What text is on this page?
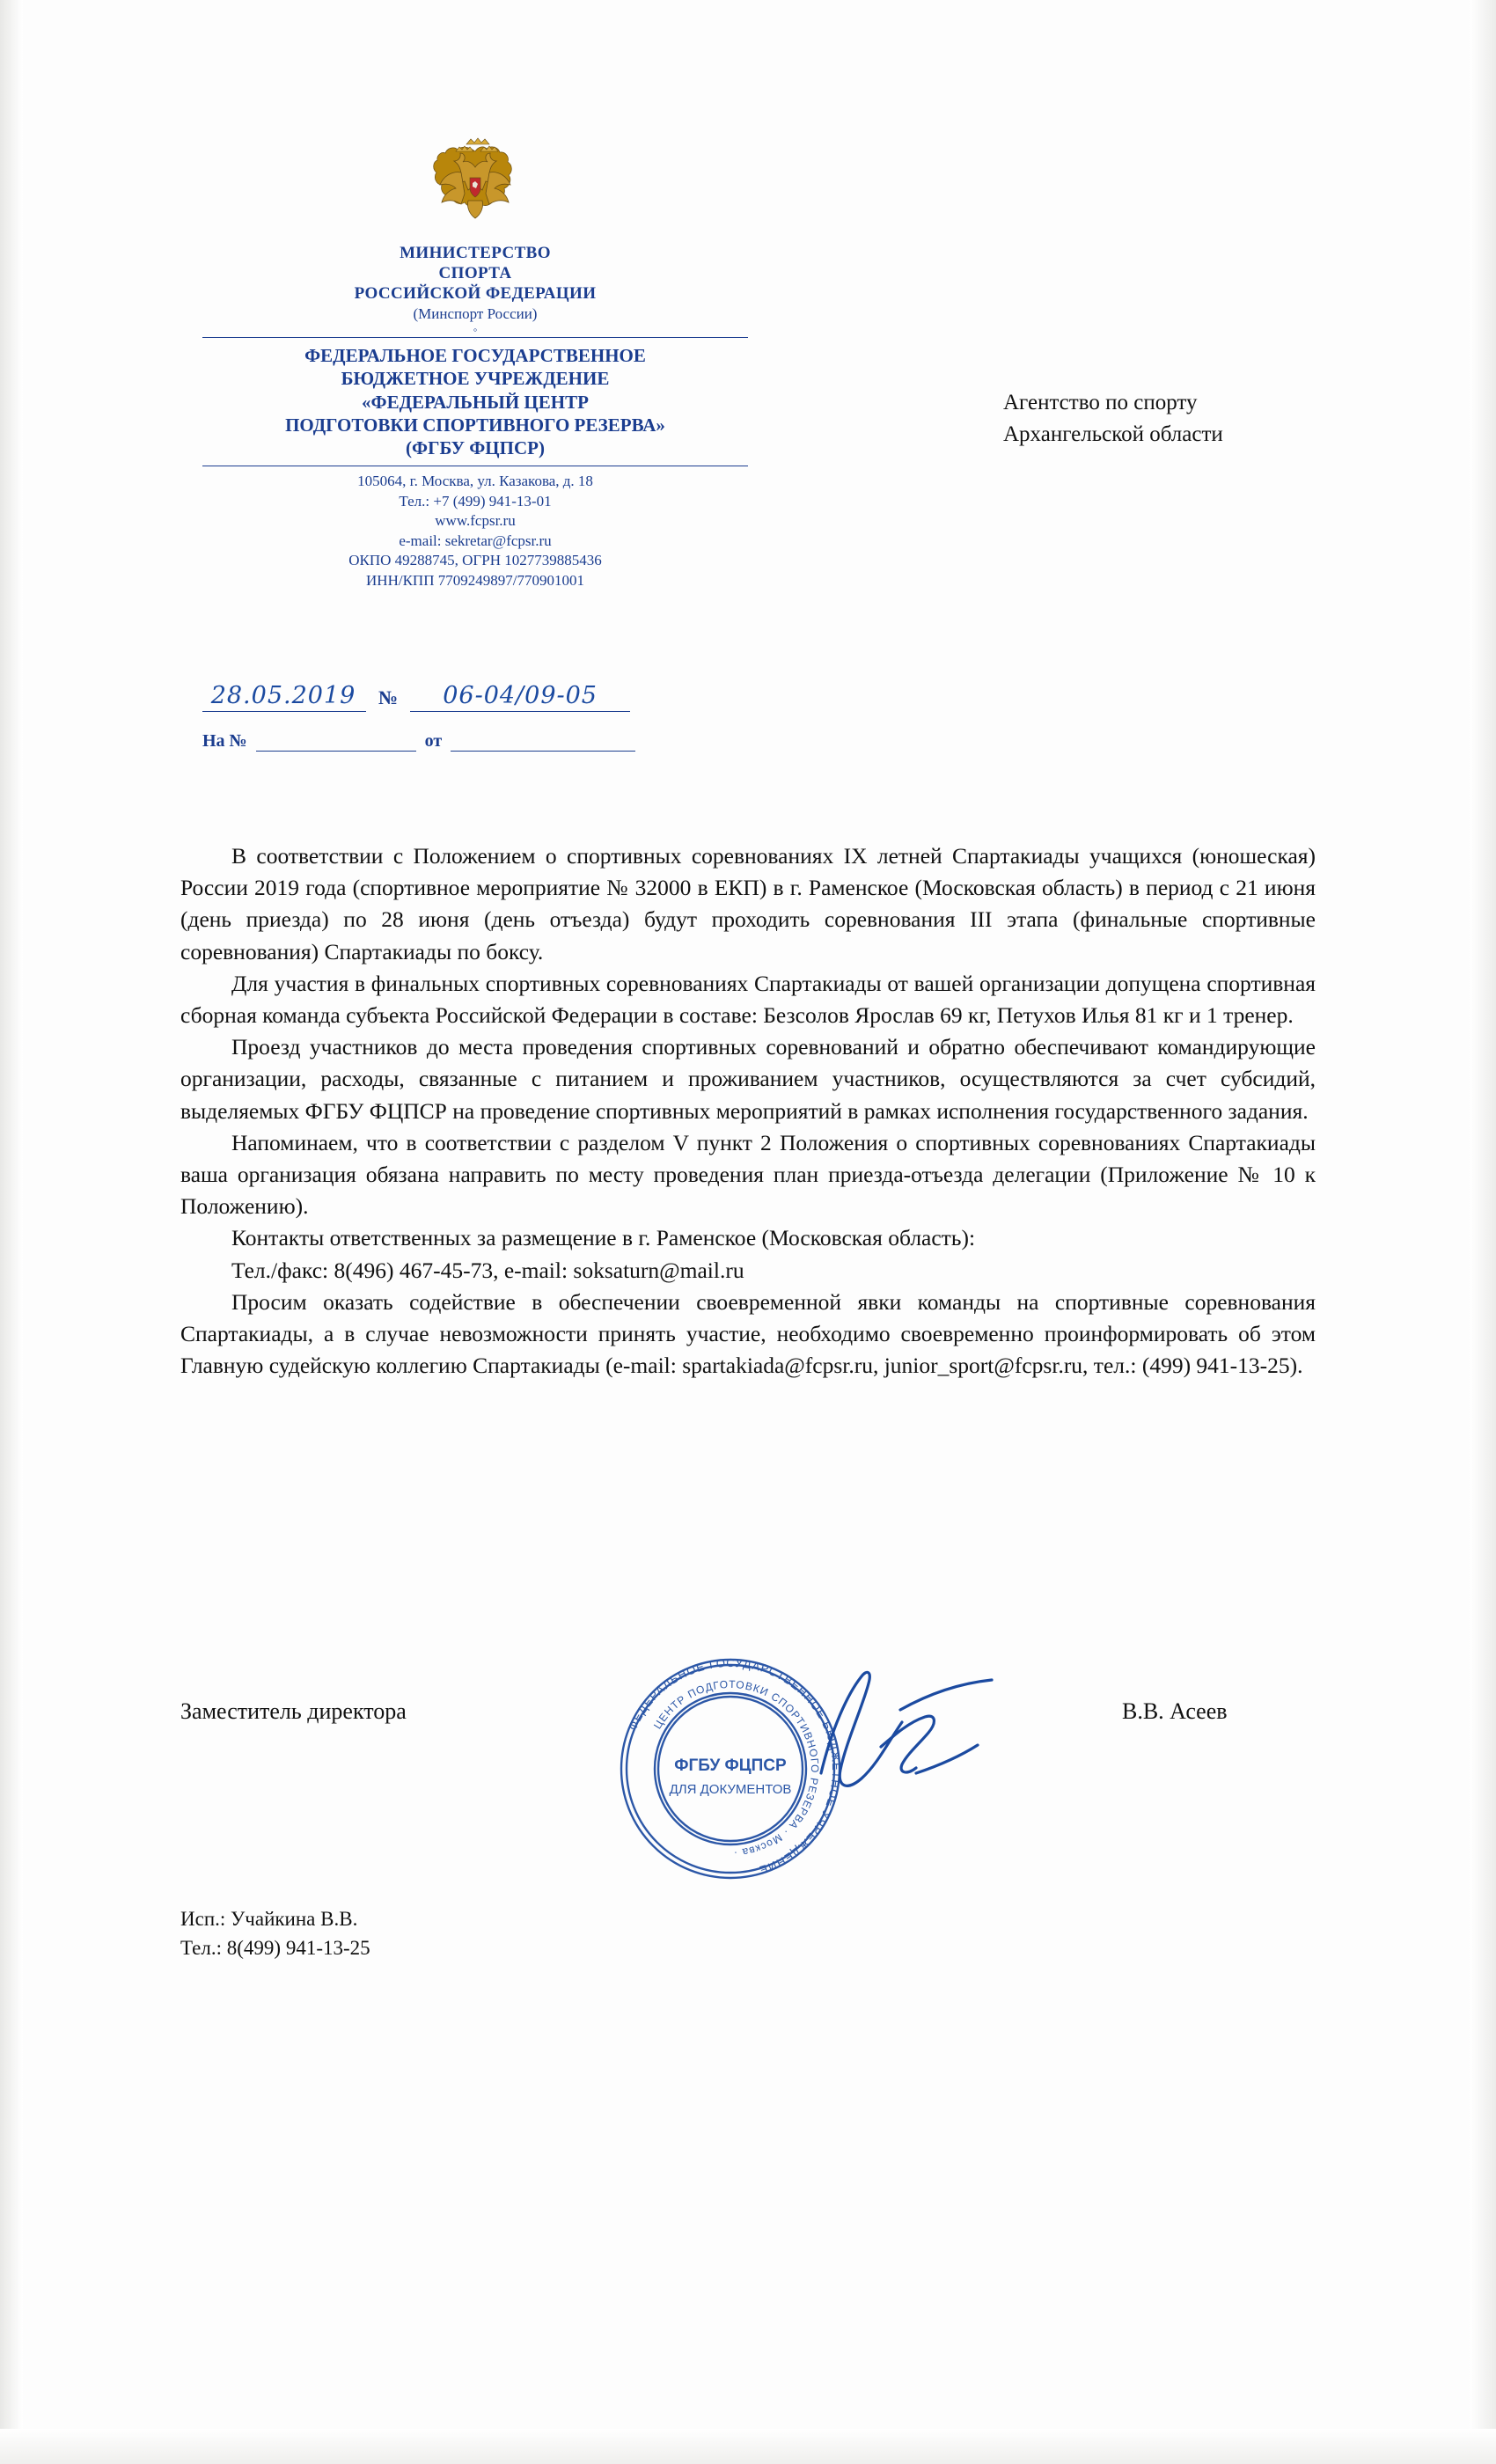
МИНИСТЕРСТВО
СПОРТА
РОССИЙСКОЙ ФЕДЕРАЦИИ
(Минспорт России)
◦
ФЕДЕРАЛЬНОЕ ГОСУДАРСТВЕННОЕ
БЮДЖЕТНОЕ УЧРЕЖДЕНИЕ
«ФЕДЕРАЛЬНЫЙ ЦЕНТР
ПОДГОТОВКИ СПОРТИВНОГО РЕЗЕРВА»
(ФГБУ ФЦПСР)
105064, г. Москва, ул. Казакова, д. 18
Тел.: +7 (499) 941-13-01
www.fcpsr.ru
e-mail: sekretar@fcpsr.ru
ОКПО 49288745, ОГРН 1027739885436
ИНН/КПП 7709249897/770901001
28.05.2019	№	06-04/09-05
На №	от
Агентство по спорту
Архангельской области

В соответствии с Положением о спортивных соревнованиях IX летней Спартакиады учащихся (юношеская) России 2019 года (спортивное мероприятие № 32000 в ЕКП) в г. Раменское (Московская область) в период с 21 июня (день приезда) по 28 июня (день отъезда) будут проходить соревнования III этапа (финальные спортивные соревнования) Спартакиады по боксу.

Для участия в финальных спортивных соревнованиях Спартакиады от вашей организации допущена спортивная сборная команда субъекта Российской Федерации в составе: Безсолов Ярослав 69 кг, Петухов Илья 81 кг и 1 тренер.

Проезд участников до места проведения спортивных соревнований и обратно обеспечивают командирующие организации, расходы, связанные с питанием и проживанием участников, осуществляются за счет субсидий, выделяемых ФГБУ ФЦПСР на проведение спортивных мероприятий в рамках исполнения государственного задания.

Напоминаем, что в соответствии с разделом V пункт 2 Положения о спортивных соревнованиях Спартакиады ваша организация обязана направить по месту проведения план приезда-отъезда делегации (Приложение № 10 к Положению).

Контакты ответственных за размещение в г. Раменское (Московская область):

Тел./факс: 8(496) 467-45-73, e-mail: soksaturn@mail.ru

Просим оказать содействие в обеспечении своевременной явки команды на спортивные соревнования Спартакиады, а в случае невозможности принять участие, необходимо своевременно проинформировать об этом Главную судейскую коллегию Спартакиады (e-mail: spartakiada@fcpsr.ru, junior_sport@fcpsr.ru, тел.: (499) 941-13-25).

Заместитель директора	В.В. Асеев
ФЕДЕРАЛЬНОЕ ГОСУДАРСТВЕННОЕ БЮДЖЕТНОЕ УЧРЕЖДЕНИЕ
ЦЕНТР ПОДГОТОВКИ СПОРТИВНОГО РЕЗЕРВА · Москва ·
ФГБУ ФЦПСР
ДЛЯ ДОКУМЕНТОВ
Исп.: Учайкина В.В.
Тел.: 8(499) 941-13-25
